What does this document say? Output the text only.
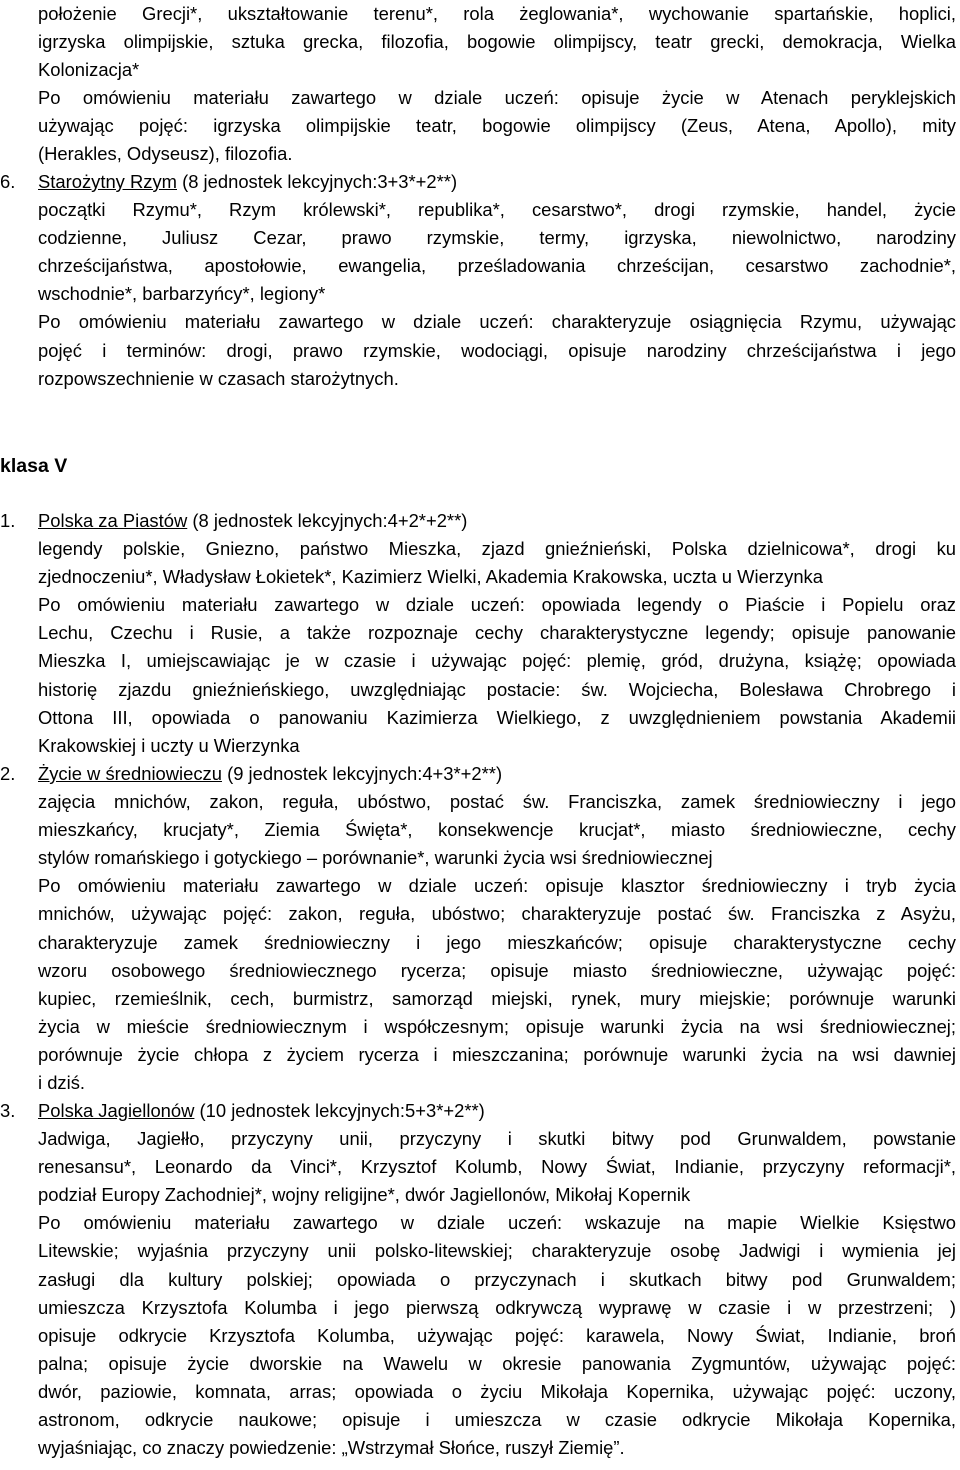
położenie Grecji*, ukształtowanie terenu*, rola żeglowania*, wychowanie spartańskie, hoplici,
igrzyska olimpijskie, sztuka grecka, filozofia, bogowie olimpijscy, teatr grecki, demokracja, Wielka
Kolonizacja*
Po omówieniu materiału zawartego w dziale uczeń: opisuje życie w Atenach peryklejskich
używając pojęć: igrzyska olimpijskie teatr, bogowie olimpijscy (Zeus, Atena, Apollo), mity
(Herakles, Odyseusz), filozofia.
6. Starożytny Rzym (8 jednostek lekcyjnych:3+3*+2**)
początki Rzymu*, Rzym królewski*, republika*, cesarstwo*, drogi rzymskie, handel, życie
codzienne, Juliusz Cezar, prawo rzymskie, termy, igrzyska, niewolnictwo, narodziny
chrześcijaństwa, apostołowie, ewangelia, prześladowania chrześcijan, cesarstwo zachodnie*,
wschodnie*, barbarzyńcy*, legiony*
Po omówieniu materiału zawartego w dziale uczeń: charakteryzuje osiągnięcia Rzymu, używając
pojęć i terminów: drogi, prawo rzymskie, wodociągi, opisuje narodziny chrześcijaństwa i jego
rozpowszechnienie w czasach starożytnych.
klasa V
1. Polska za Piastów (8 jednostek lekcyjnych:4+2*+2**)
legendy polskie, Gniezno, państwo Mieszka, zjazd gnieźnieński, Polska dzielnicowa*, drogi ku
zjednoczeniu*, Władysław Łokietek*, Kazimierz Wielki, Akademia Krakowska, uczta u Wierzynka
Po omówieniu materiału zawartego w dziale uczeń: opowiada legendy o Piaście i Popielu oraz
Lechu, Czechu i Rusie, a także rozpoznaje cechy charakterystyczne legendy; opisuje panowanie
Mieszka I, umiejscawiając je w czasie i używając pojęć: plemię, gród, drużyna, książę; opowiada
historię zjazdu gnieźnieńskiego, uwzględniając postacie: św. Wojciecha, Bolesława Chrobrego i
Ottona III, opowiada o panowaniu Kazimierza Wielkiego, z uwzględnieniem powstania Akademii
Krakowskiej i uczty u Wierzynka
2. Życie w średniowieczu (9 jednostek lekcyjnych:4+3*+2**)
zajęcia mnichów, zakon, reguła, ubóstwo, postać św. Franciszka, zamek średniowieczny i jego
mieszkańcy, krucjaty*, Ziemia Święta*, konsekwencje krucjat*, miasto średniowieczne, cechy
stylów romańskiego i gotyckiego – porównanie*, warunki życia wsi średniowiecznej
Po omówieniu materiału zawartego w dziale uczeń: opisuje klasztor średniowieczny i tryb życia
mnichów, używając pojęć: zakon, reguła, ubóstwo; charakteryzuje postać św. Franciszka z Asyżu,
charakteryzuje zamek średniowieczny i jego mieszkańców; opisuje charakterystyczne cechy
wzoru osobowego średniowiecznego rycerza; opisuje miasto średniowieczne, używając pojęć:
kupiec, rzemieślnik, cech, burmistrz, samorząd miejski, rynek, mury miejskie; porównuje warunki
życia w mieście średniowiecznym i współczesnym; opisuje warunki życia na wsi średniowiecznej;
porównuje życie chłopa z życiem rycerza i mieszczanina; porównuje warunki życia na wsi dawniej
i dziś.
3. Polska Jagiellonów (10 jednostek lekcyjnych:5+3*+2**)
Jadwiga, Jagiełło, przyczyny unii, przyczyny i skutki bitwy pod Grunwaldem, powstanie
renesansu*, Leonardo da Vinci*, Krzysztof Kolumb, Nowy Świat, Indianie, przyczyny reformacji*,
podział Europy Zachodniej*, wojny religijne*, dwór Jagiellonów, Mikołaj Kopernik
Po omówieniu materiału zawartego w dziale uczeń: wskazuje na mapie Wielkie Księstwo
Litewskie; wyjaśnia przyczyny unii polsko-litewskiej; charakteryzuje osobę Jadwigi i wymienia jej
zasługi dla kultury polskiej; opowiada o przyczynach i skutkach bitwy pod Grunwaldem;
umieszcza Krzysztofa Kolumba i jego pierwszą odkrywczą wyprawę w czasie i w przestrzeni; )
opisuje odkrycie Krzysztofa Kolumba, używając pojęć: karawela, Nowy Świat, Indianie, broń
palna; opisuje życie dworskie na Wawelu w okresie panowania Zygmuntów, używając pojęć:
dwór, paziowie, komnata, arras; opowiada o życiu Mikołaja Kopernika, używając pojęć: uczony,
astronom, odkrycie naukowe; opisuje i umieszcza w czasie odkrycie Mikołaja Kopernika,
wyjaśniając, co znaczy powiedzenie: „Wstrzymał Słońce, ruszył Ziemię”.
